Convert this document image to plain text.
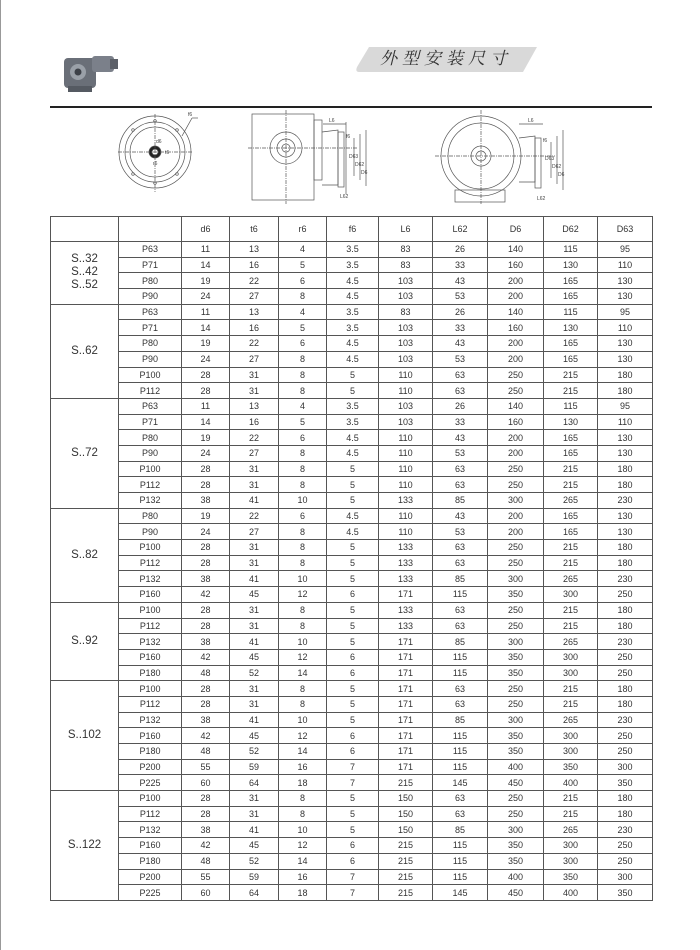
外型安装尺寸
f6
d6
t6
r6
L6
D63
D62
D6
f6
L62
L6
D63
D62
D6
f6
L62
		d6	t6	r6	f6	L6	L62	D6	D62	D63

S..32
S..42
S..52	P63	11	13	4	3.5	83	26	140	115	95
	P71	14	16	5	3.5	83	33	160	130	110
	P80	19	22	6	4.5	103	43	200	165	130
	P90	24	27	8	4.5	103	53	200	165	130

S..62	P63	11	13	4	3.5	83	26	140	115	95
	P71	14	16	5	3.5	103	33	160	130	110
	P80	19	22	6	4.5	103	43	200	165	130
	P90	24	27	8	4.5	103	53	200	165	130
	P100	28	31	8	5	110	63	250	215	180
	P112	28	31	8	5	110	63	250	215	180

S..72	P63	11	13	4	3.5	103	26	140	115	95
	P71	14	16	5	3.5	103	33	160	130	110
	P80	19	22	6	4.5	110	43	200	165	130
	P90	24	27	8	4.5	110	53	200	165	130
	P100	28	31	8	5	110	63	250	215	180
	P112	28	31	8	5	110	63	250	215	180
	P132	38	41	10	5	133	85	300	265	230

S..82	P80	19	22	6	4.5	110	43	200	165	130
	P90	24	27	8	4.5	110	53	200	165	130
	P100	28	31	8	5	133	63	250	215	180
	P112	28	31	8	5	133	63	250	215	180
	P132	38	41	10	5	133	85	300	265	230
	P160	42	45	12	6	171	115	350	300	250

S..92	P100	28	31	8	5	133	63	250	215	180
	P112	28	31	8	5	133	63	250	215	180
	P132	38	41	10	5	171	85	300	265	230
	P160	42	45	12	6	171	115	350	300	250
	P180	48	52	14	6	171	115	350	300	250

S..102	P100	28	31	8	5	171	63	250	215	180
	P112	28	31	8	5	171	63	250	215	180
	P132	38	41	10	5	171	85	300	265	230
	P160	42	45	12	6	171	115	350	300	250
	P180	48	52	14	6	171	115	350	300	250
	P200	55	59	16	7	171	115	400	350	300
	P225	60	64	18	7	215	145	450	400	350

S..122	P100	28	31	8	5	150	63	250	215	180
	P112	28	31	8	5	150	63	250	215	180
	P132	38	41	10	5	150	85	300	265	230
	P160	42	45	12	6	215	115	350	300	250
	P180	48	52	14	6	215	115	350	300	250
	P200	55	59	16	7	215	115	400	350	300
	P225	60	64	18	7	215	145	450	400	350
